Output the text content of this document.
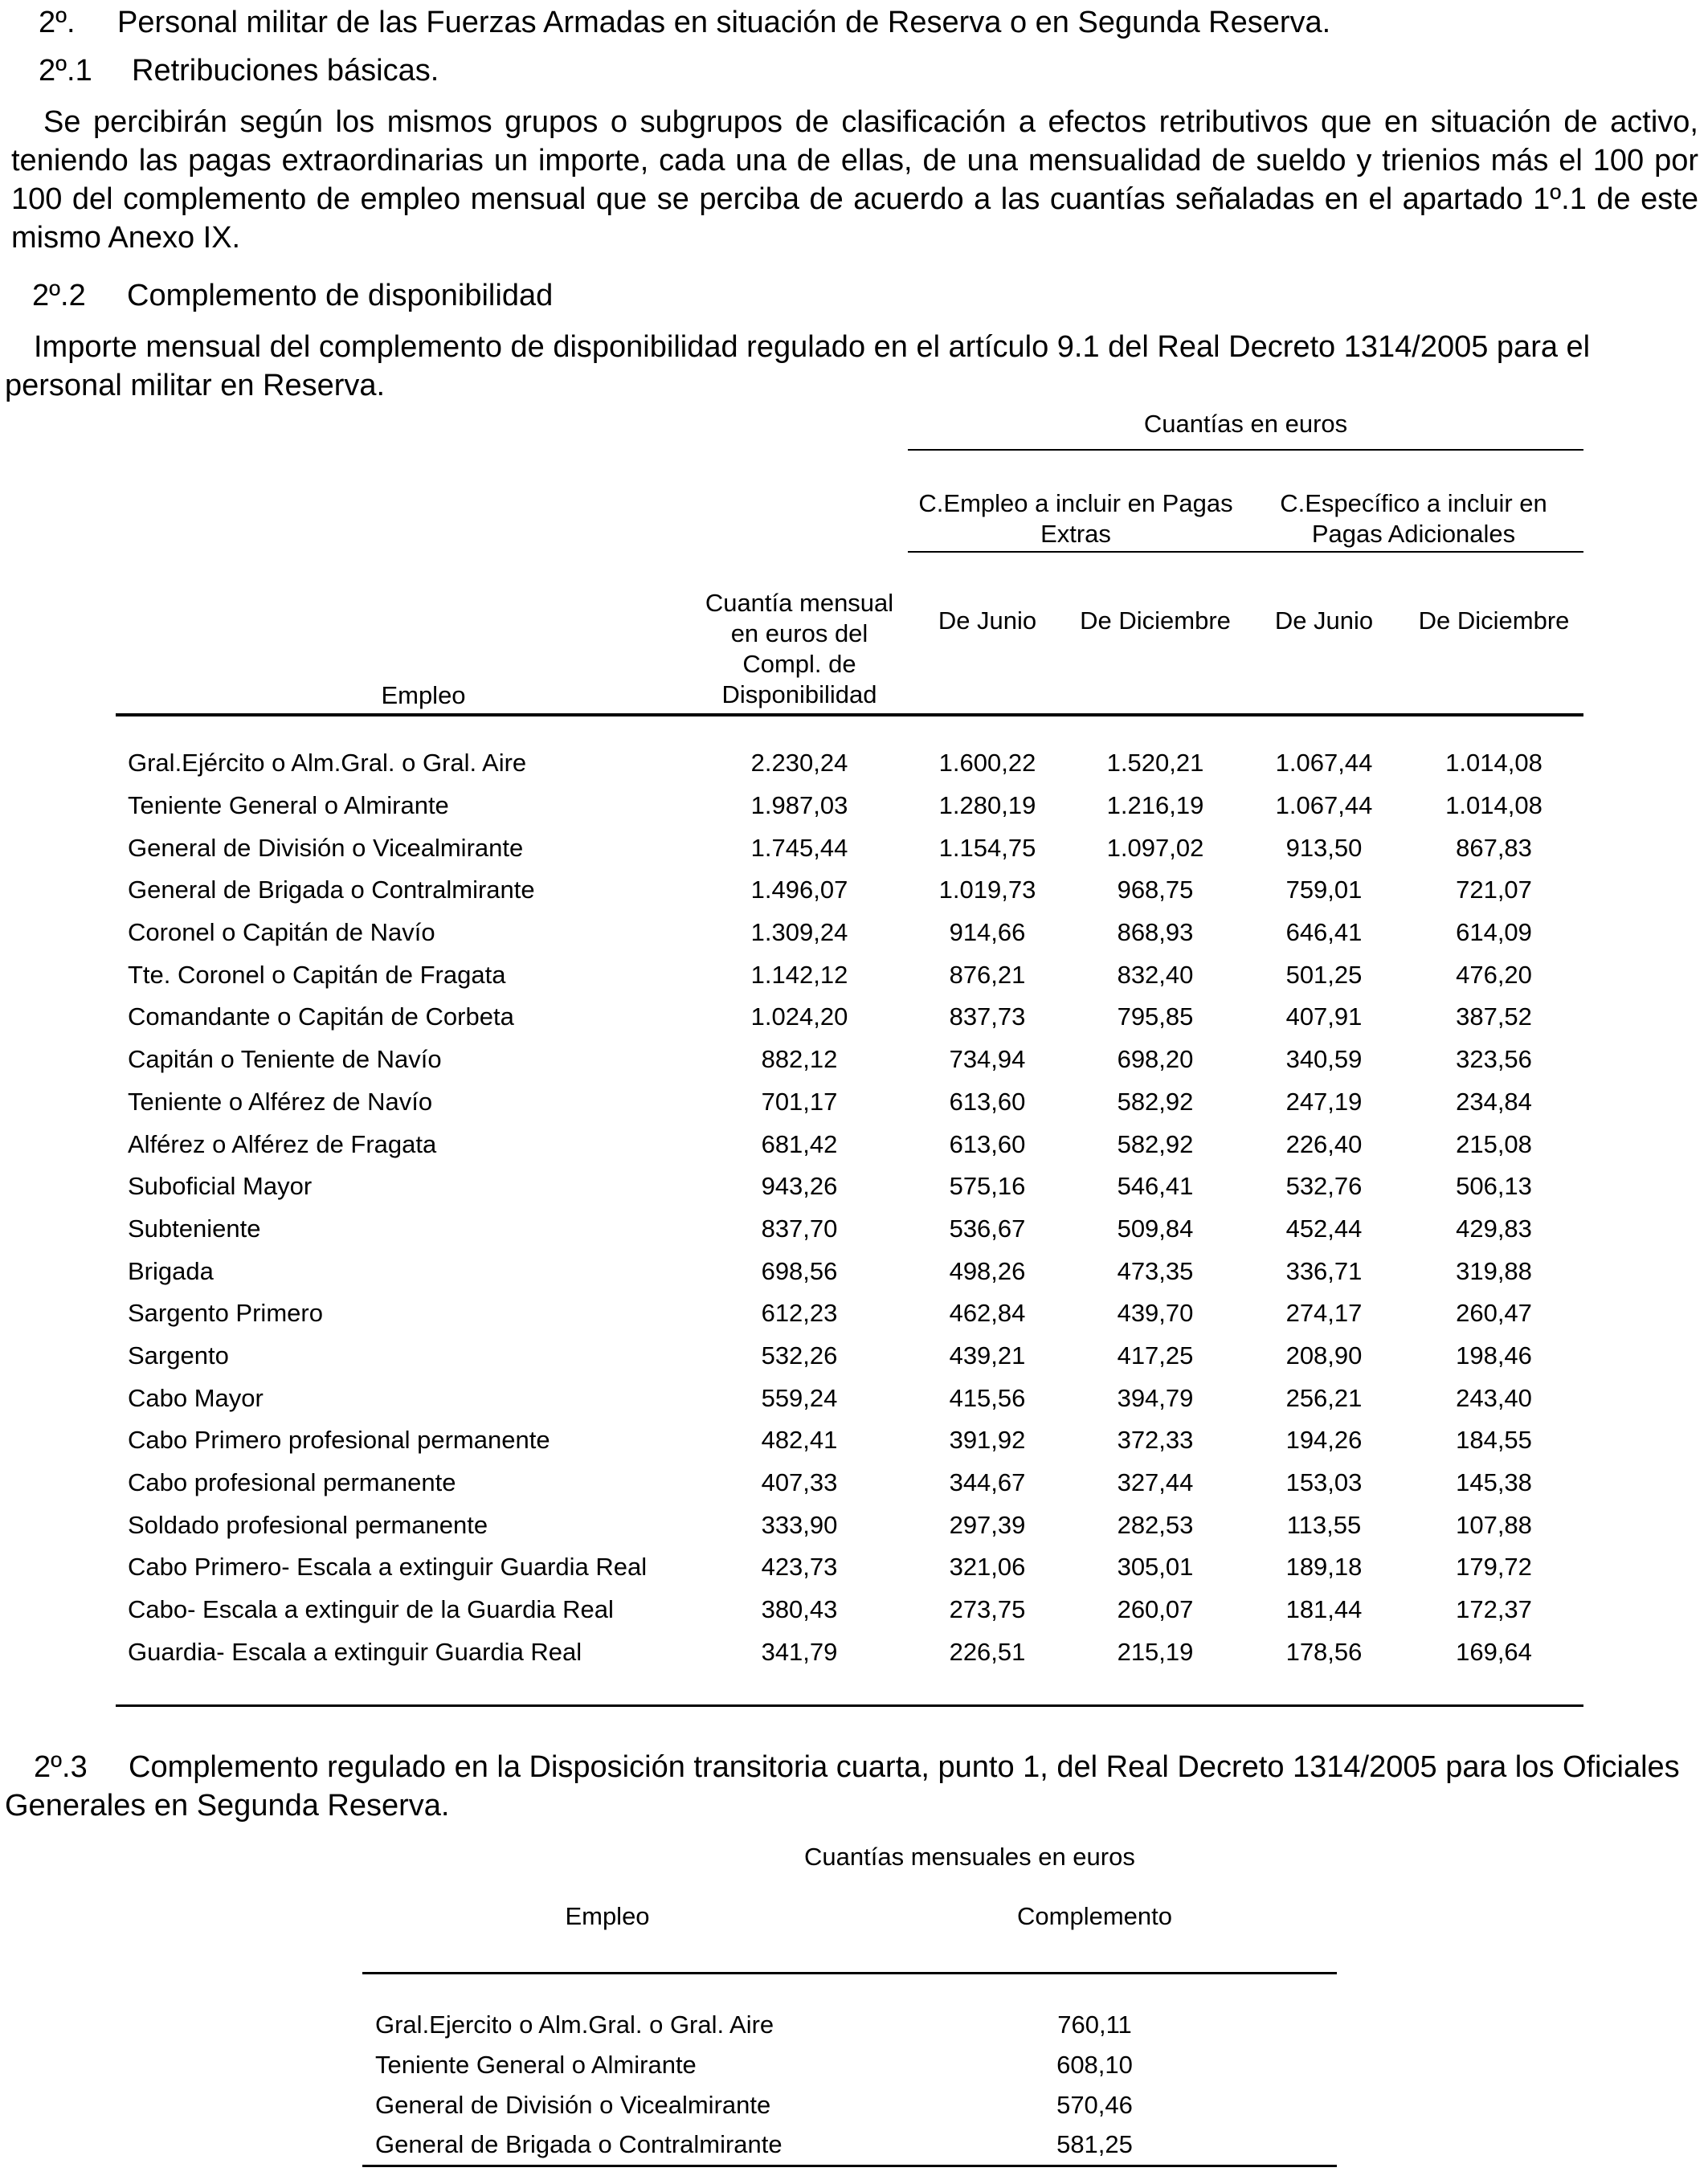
2º. Personal militar de las Fuerzas Armadas en situación de Reserva o en Segunda Reserva.
2º.1 Retribuciones básicas.

Se percibirán según los mismos grupos o subgrupos de clasificación a efectos retributivos que en situación de activo, teniendo las pagas extraordinarias un importe, cada una de ellas, de una mensualidad de sueldo y trienios más el 100 por 100 del complemento de empleo mensual que se perciba de acuerdo a las cuantías señaladas en el apartado 1º.1 de este mismo Anexo IX.

2º.2 Complemento de disponibilidad

Importe mensual del complemento de disponibilidad regulado en el artículo 9.1 del Real Decreto 1314/2005 para el personal militar en Reserva.

		Cuantías en euros			
		C.Empleo a incluir en Pagas Extras		C.Específico a incluir en Pagas Adicionales	
Empleo	Cuantía mensual en euros del Compl. de Disponibilidad	De Junio	De Diciembre	De Junio	De Diciembre

Gral.Ejército o Alm.Gral. o Gral. Aire	2.230,24	1.600,22	1.520,21	1.067,44	1.014,08
Teniente General o Almirante	1.987,03	1.280,19	1.216,19	1.067,44	1.014,08
General de División o Vicealmirante	1.745,44	1.154,75	1.097,02	913,50	867,83
General de Brigada o Contralmirante	1.496,07	1.019,73	968,75	759,01	721,07
Coronel o Capitán de Navío	1.309,24	914,66	868,93	646,41	614,09
Tte. Coronel o Capitán de Fragata	1.142,12	876,21	832,40	501,25	476,20
Comandante o Capitán de Corbeta	1.024,20	837,73	795,85	407,91	387,52
Capitán o Teniente de Navío	882,12	734,94	698,20	340,59	323,56
Teniente o Alférez de Navío	701,17	613,60	582,92	247,19	234,84
Alférez o Alférez de Fragata	681,42	613,60	582,92	226,40	215,08
Suboficial Mayor	943,26	575,16	546,41	532,76	506,13
Subteniente	837,70	536,67	509,84	452,44	429,83
Brigada	698,56	498,26	473,35	336,71	319,88
Sargento Primero	612,23	462,84	439,70	274,17	260,47
Sargento	532,26	439,21	417,25	208,90	198,46
Cabo Mayor	559,24	415,56	394,79	256,21	243,40
Cabo Primero profesional permanente	482,41	391,92	372,33	194,26	184,55
Cabo profesional permanente	407,33	344,67	327,44	153,03	145,38
Soldado profesional permanente	333,90	297,39	282,53	113,55	107,88
Cabo Primero- Escala a extinguir Guardia Real	423,73	321,06	305,01	189,18	179,72
Cabo- Escala a extinguir de la Guardia Real	380,43	273,75	260,07	181,44	172,37
Guardia- Escala a extinguir Guardia Real	341,79	226,51	215,19	178,56	169,64

2º.3 Complemento regulado en la Disposición transitoria cuarta, punto 1, del Real Decreto 1314/2005 para los Oficiales Generales en Segunda Reserva.

	Cuantías mensuales en euros

Empleo	Complemento

Gral.Ejercito o Alm.Gral. o Gral. Aire	760,11
Teniente General o Almirante	608,10
General de División o Vicealmirante	570,46
General de Brigada o Contralmirante	581,25
